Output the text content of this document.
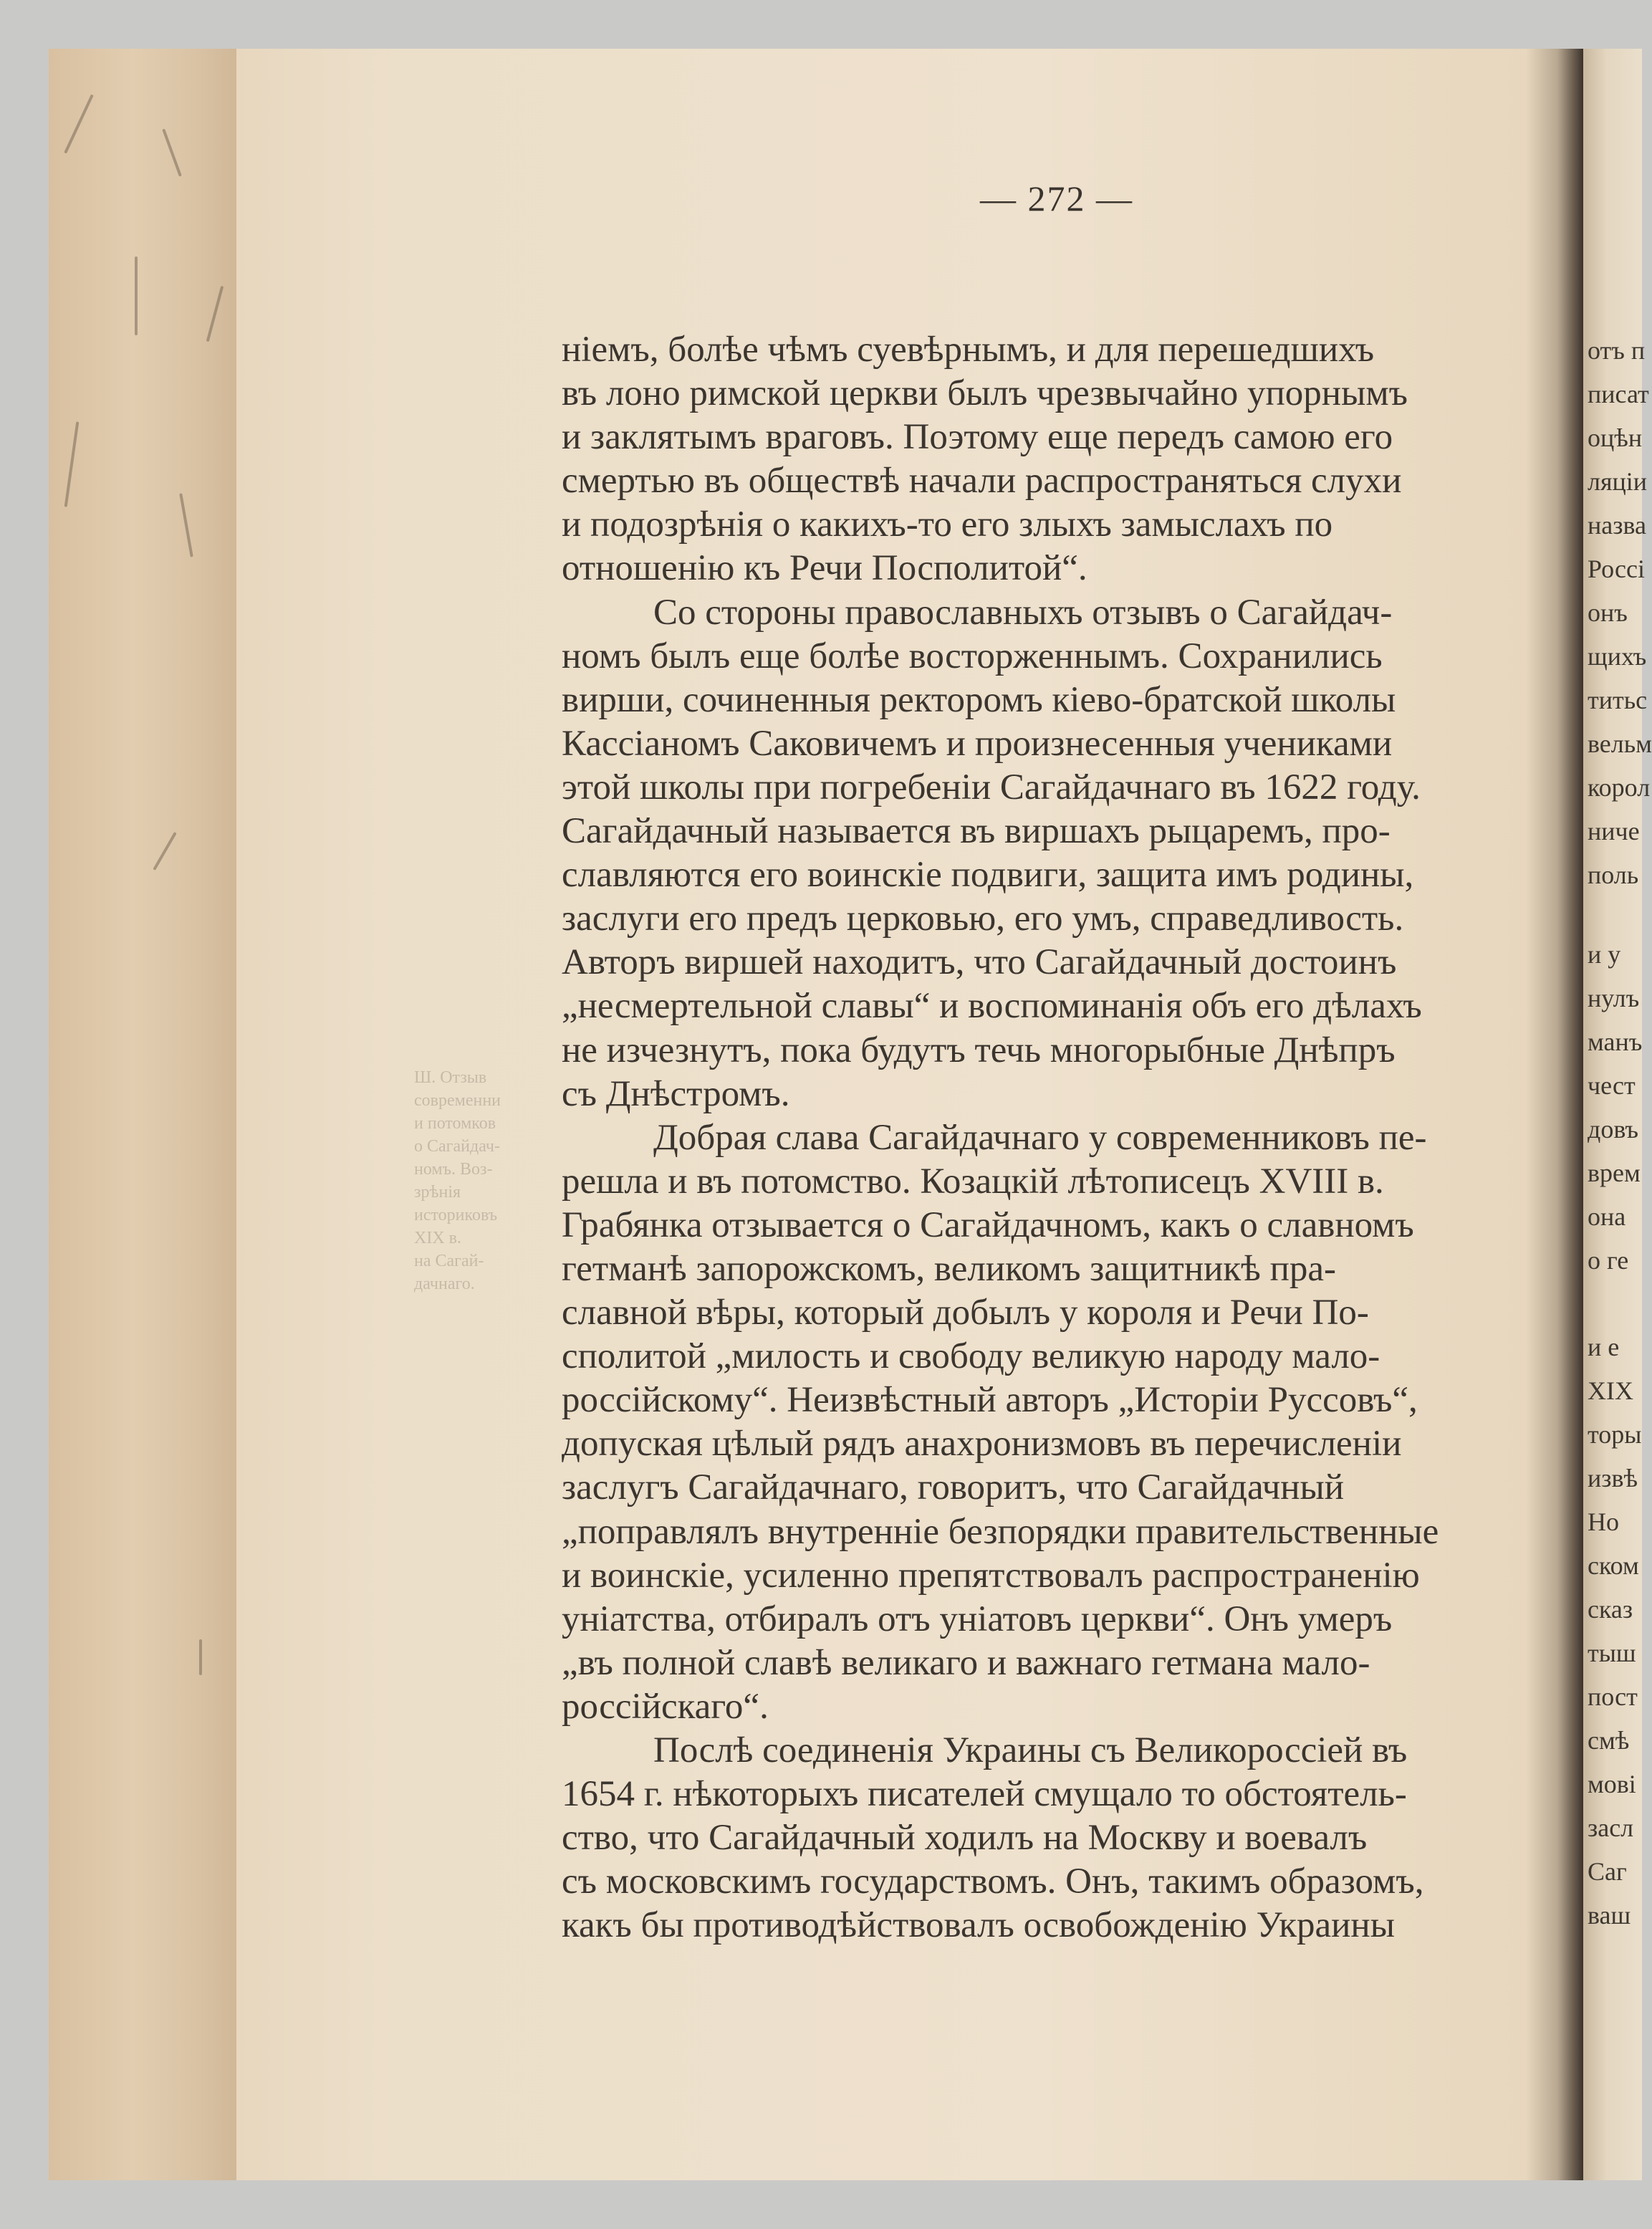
Ш. Отзыв
современни
и потомков
о Сагайдач-
номъ. Воз-
зрѣнія
историковъ
XIX в.
на Сагай-
дачнаго.
— 272 —
ніемъ, болѣе чѣмъ суевѣрнымъ, и для перешедшихъ
въ лоно римской церкви былъ чрезвычайно упорнымъ
и заклятымъ враговъ. Поэтому еще передъ самою его
смертью въ обществѣ начали распространяться слухи
и подозрѣнія о какихъ-то его злыхъ замыслахъ по
отношенію къ Речи Посполитой“.
Со стороны православныхъ отзывъ о Сагайдач-
номъ былъ еще болѣе восторженнымъ. Сохранились
вирши, сочиненныя ректоромъ кіево-братской школы
Кассіаномъ Саковичемъ и произнесенныя учениками
этой школы при погребеніи Сагайдачнаго въ 1622 году.
Сагайдачный называется въ виршахъ рыцаремъ, про-
славляются его воинскіе подвиги, защита имъ родины,
заслуги его предъ церковью, его умъ, справедливость.
Авторъ виршей находитъ, что Сагайдачный достоинъ
„несмертельной славы“ и воспоминанія объ его дѣлахъ
не изчезнутъ, пока будутъ течь многорыбные Днѣпръ
съ Днѣстромъ.
Добрая слава Сагайдачнаго у современниковъ пе-
решла и въ потомство. Козацкій лѣтописецъ XVIII в.
Грабянка отзывается о Сагайдачномъ, какъ о славномъ
гетманѣ запорожскомъ, великомъ защитникѣ пра-
славной вѣры, который добылъ у короля и Речи По-
сполитой „милость и свободу великую народу мало-
россійскому“. Неизвѣстный авторъ „Исторіи Руссовъ“,
допуская цѣлый рядъ анахронизмовъ въ перечисленіи
заслугъ Сагайдачнаго, говоритъ, что Сагайдачный
„поправлялъ внутренніе безпорядки правительственные
и воинскіе, усиленно препятствовалъ распространенію
уніатства, отбиралъ отъ уніатовъ церкви“. Онъ умеръ
„въ полной славѣ великаго и важнаго гетмана мало-
россійскаго“.
Послѣ соединенія Украины съ Великороссіей въ
1654 г. нѣкоторыхъ писателей смущало то обстоятель-
ство, что Сагайдачный ходилъ на Москву и воевалъ
съ московскимъ государствомъ. Онъ, такимъ образомъ,
какъ бы противодѣйствовалъ освобожденію Украины
отъ п
писат
оцѣн
ляціи
назва
Россі
онъ
щихъ
титьс
вельм
корол
ниче
поль
и у
нулъ
манъ
чест
довъ
врем
она
о ге
и е
XIX
торы
извѣ
Но
ском
сказ
тыш
пост
смѣ
мові
засл
Саг
ваш
